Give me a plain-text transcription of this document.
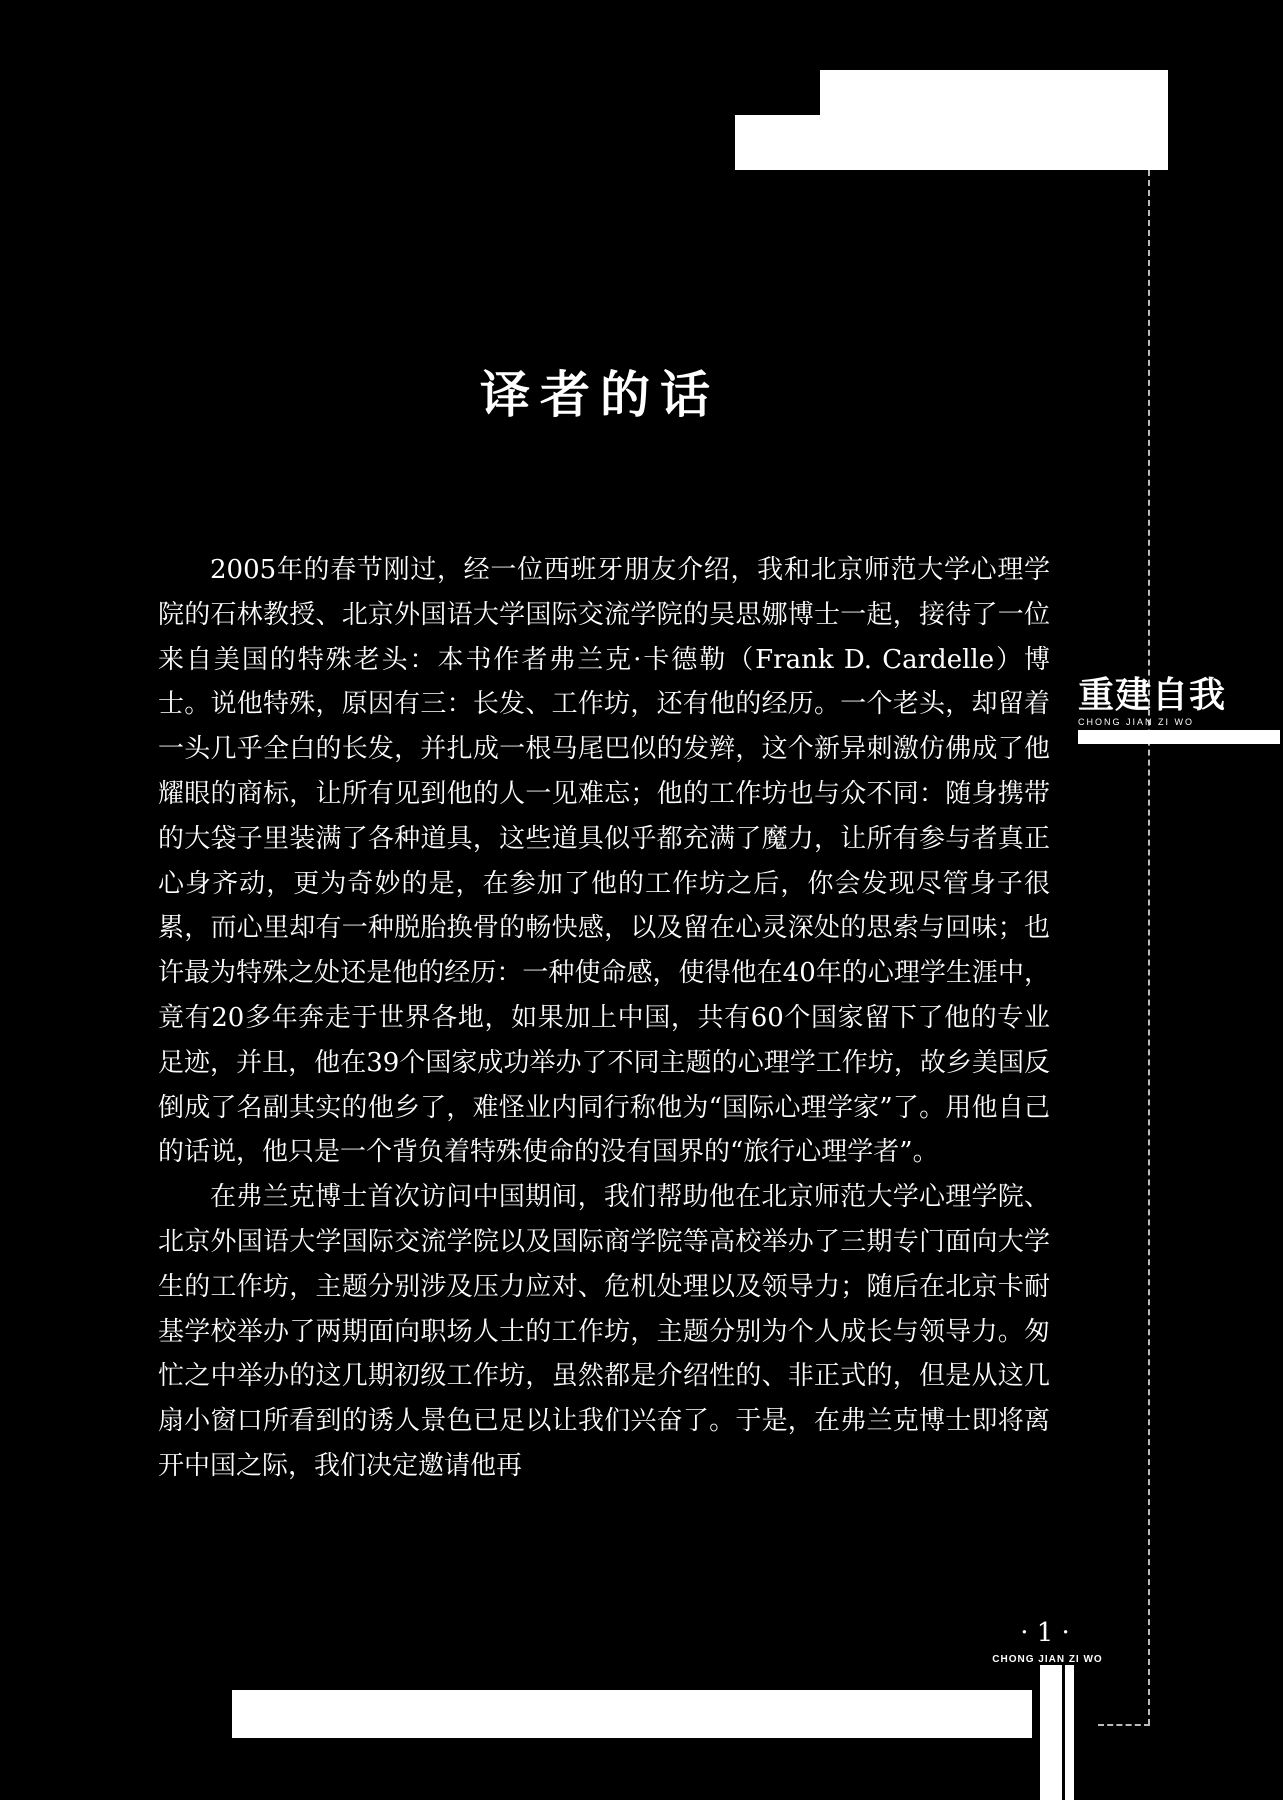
译者的话

2005年的春节刚过，经一位西班牙朋友介绍，我和北京师范大学心理学院的石林教授、北京外国语大学国际交流学院的吴思娜博士一起，接待了一位来自美国的特殊老头：本书作者弗兰克·卡德勒（Frank D. Cardelle）博士。说他特殊，原因有三：长发、工作坊，还有他的经历。一个老头，却留着一头几乎全白的长发，并扎成一根马尾巴似的发辫，这个新异刺激仿佛成了他耀眼的商标，让所有见到他的人一见难忘；他的工作坊也与众不同：随身携带的大袋子里装满了各种道具，这些道具似乎都充满了魔力，让所有参与者真正心身齐动，更为奇妙的是，在参加了他的工作坊之后，你会发现尽管身子很累，而心里却有一种脱胎换骨的畅快感，以及留在心灵深处的思索与回味；也许最为特殊之处还是他的经历：一种使命感，使得他在40年的心理学生涯中，竟有20多年奔走于世界各地，如果加上中国，共有60个国家留下了他的专业足迹，并且，他在39个国家成功举办了不同主题的心理学工作坊，故乡美国反倒成了名副其实的他乡了，难怪业内同行称他为“国际心理学家”了。用他自己的话说，他只是一个背负着特殊使命的没有国界的“旅行心理学者”。

在弗兰克博士首次访问中国期间，我们帮助他在北京师范大学心理学院、北京外国语大学国际交流学院以及国际商学院等高校举办了三期专门面向大学生的工作坊，主题分别涉及压力应对、危机处理以及领导力；随后在北京卡耐基学校举办了两期面向职场人士的工作坊，主题分别为个人成长与领导力。匆忙之中举办的这几期初级工作坊，虽然都是介绍性的、非正式的，但是从这几扇小窗口所看到的诱人景色已足以让我们兴奋了。于是，在弗兰克博士即将离开中国之际，我们决定邀请他再

重建自我
CHONG JIAN ZI WO
· 1 ·
CHONG JIAN ZI WO
